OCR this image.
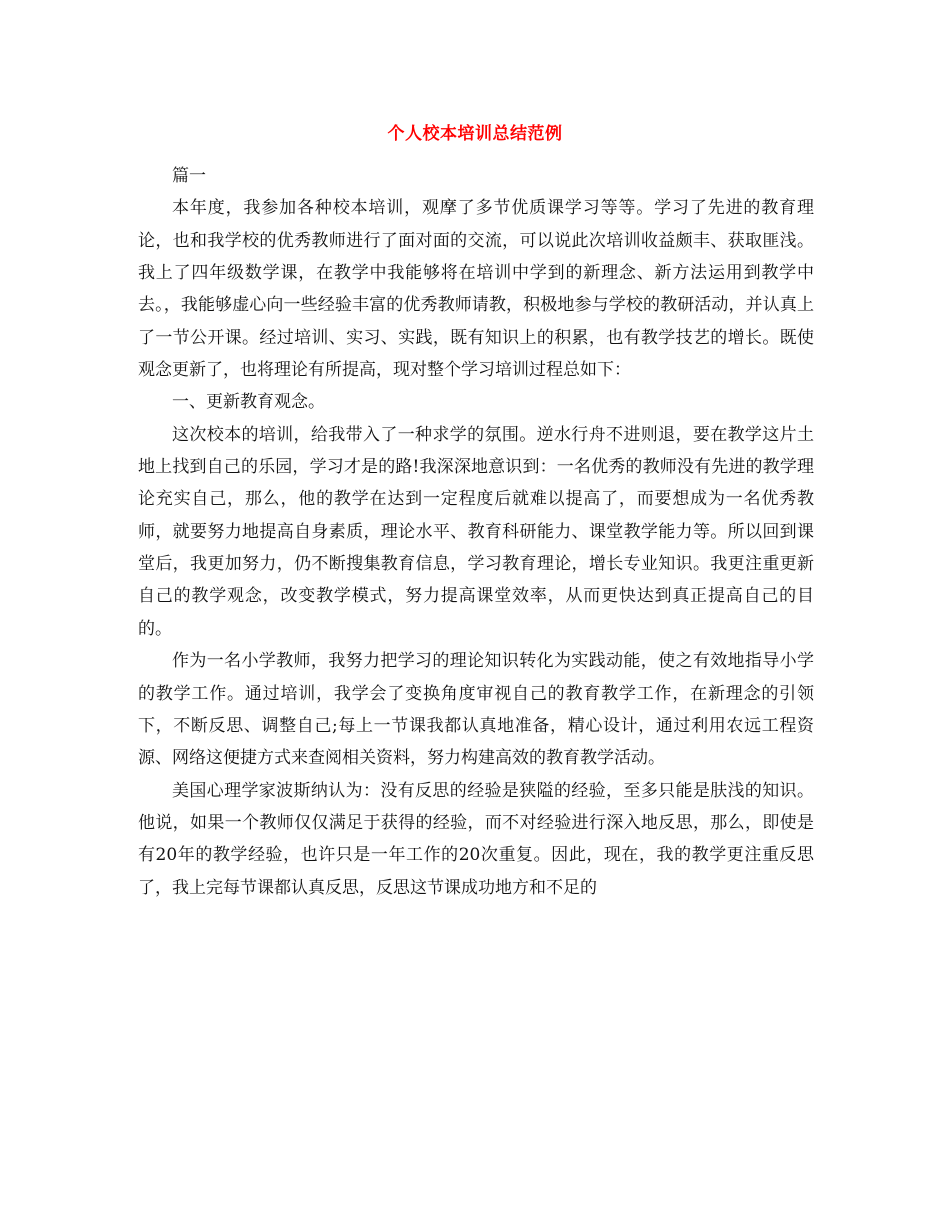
个人校本培训总结范例

篇一

本年度，我参加各种校本培训，观摩了多节优质课学习等等。学习了先进的教育理论，也和我学校的优秀教师进行了面对面的交流，可以说此次培训收益颇丰、获取匪浅。我上了四年级数学课，在教学中我能够将在培训中学到的新理念、新方法运用到教学中去。，我能够虚心向一些经验丰富的优秀教师请教，积极地参与学校的教研活动，并认真上了一节公开课。经过培训、实习、实践，既有知识上的积累，也有教学技艺的增长。既使观念更新了，也将理论有所提高，现对整个学习培训过程总如下：

一、更新教育观念。

这次校本的培训，给我带入了一种求学的氛围。逆水行舟不进则退，要在教学这片土地上找到自己的乐园，学习才是的路!我深深地意识到：一名优秀的教师没有先进的教学理论充实自己，那么，他的教学在达到一定程度后就难以提高了，而要想成为一名优秀教师，就要努力地提高自身素质，理论水平、教育科研能力、课堂教学能力等。所以回到课堂后，我更加努力，仍不断搜集教育信息，学习教育理论，增长专业知识。我更注重更新自己的教学观念，改变教学模式，努力提高课堂效率，从而更快达到真正提高自己的目的。

作为一名小学教师，我努力把学习的理论知识转化为实践动能，使之有效地指导小学的教学工作。通过培训，我学会了变换角度审视自己的教育教学工作，在新理念的引领下，不断反思、调整自己;每上一节课我都认真地准备，精心设计，通过利用农远工程资源、网络这便捷方式来查阅相关资料，努力构建高效的教育教学活动。

美国心理学家波斯纳认为：没有反思的经验是狭隘的经验，至多只能是肤浅的知识。他说，如果一个教师仅仅满足于获得的经验，而不对经验进行深入地反思，那么，即使是有20年的教学经验，也许只是一年工作的20次重复。因此，现在，我的教学更注重反思了，我上完每节课都认真反思，反思这节课成功地方和不足的
